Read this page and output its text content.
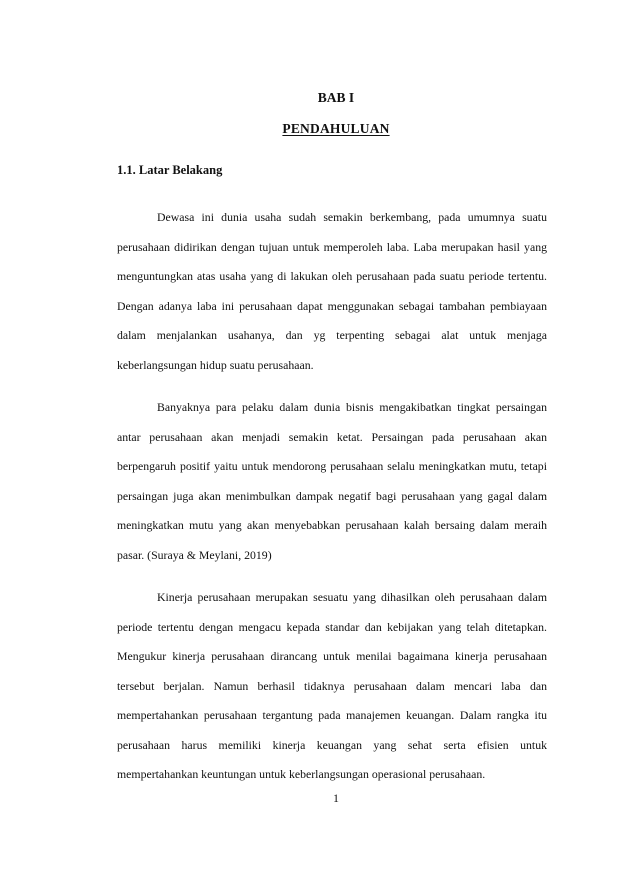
BAB I
PENDAHULUAN
1.1. Latar Belakang

Dewasa ini dunia usaha sudah semakin berkembang, pada umumnya suatu perusahaan didirikan dengan tujuan untuk memperoleh laba. Laba merupakan hasil yang menguntungkan atas usaha yang di lakukan oleh perusahaan pada suatu periode tertentu. Dengan adanya laba ini perusahaan dapat menggunakan sebagai tambahan pembiayaan dalam menjalankan usahanya, dan yg terpenting sebagai alat untuk menjaga keberlangsungan hidup suatu perusahaan.

Banyaknya para pelaku dalam dunia bisnis mengakibatkan tingkat persaingan antar perusahaan akan menjadi semakin ketat. Persaingan pada perusahaan akan berpengaruh positif yaitu untuk mendorong perusahaan selalu meningkatkan mutu, tetapi persaingan juga akan menimbulkan dampak negatif bagi perusahaan yang gagal dalam meningkatkan mutu yang akan menyebabkan perusahaan kalah bersaing dalam meraih pasar. (Suraya & Meylani, 2019)

Kinerja perusahaan merupakan sesuatu yang dihasilkan oleh perusahaan dalam periode tertentu dengan mengacu kepada standar dan kebijakan yang telah ditetapkan. Mengukur kinerja perusahaan dirancang untuk menilai bagaimana kinerja perusahaan tersebut berjalan. Namun berhasil tidaknya perusahaan dalam mencari laba dan mempertahankan perusahaan tergantung pada manajemen keuangan. Dalam rangka itu perusahaan harus memiliki kinerja keuangan yang sehat serta efisien untuk mempertahankan keuntungan untuk keberlangsungan operasional perusahaan.

1
